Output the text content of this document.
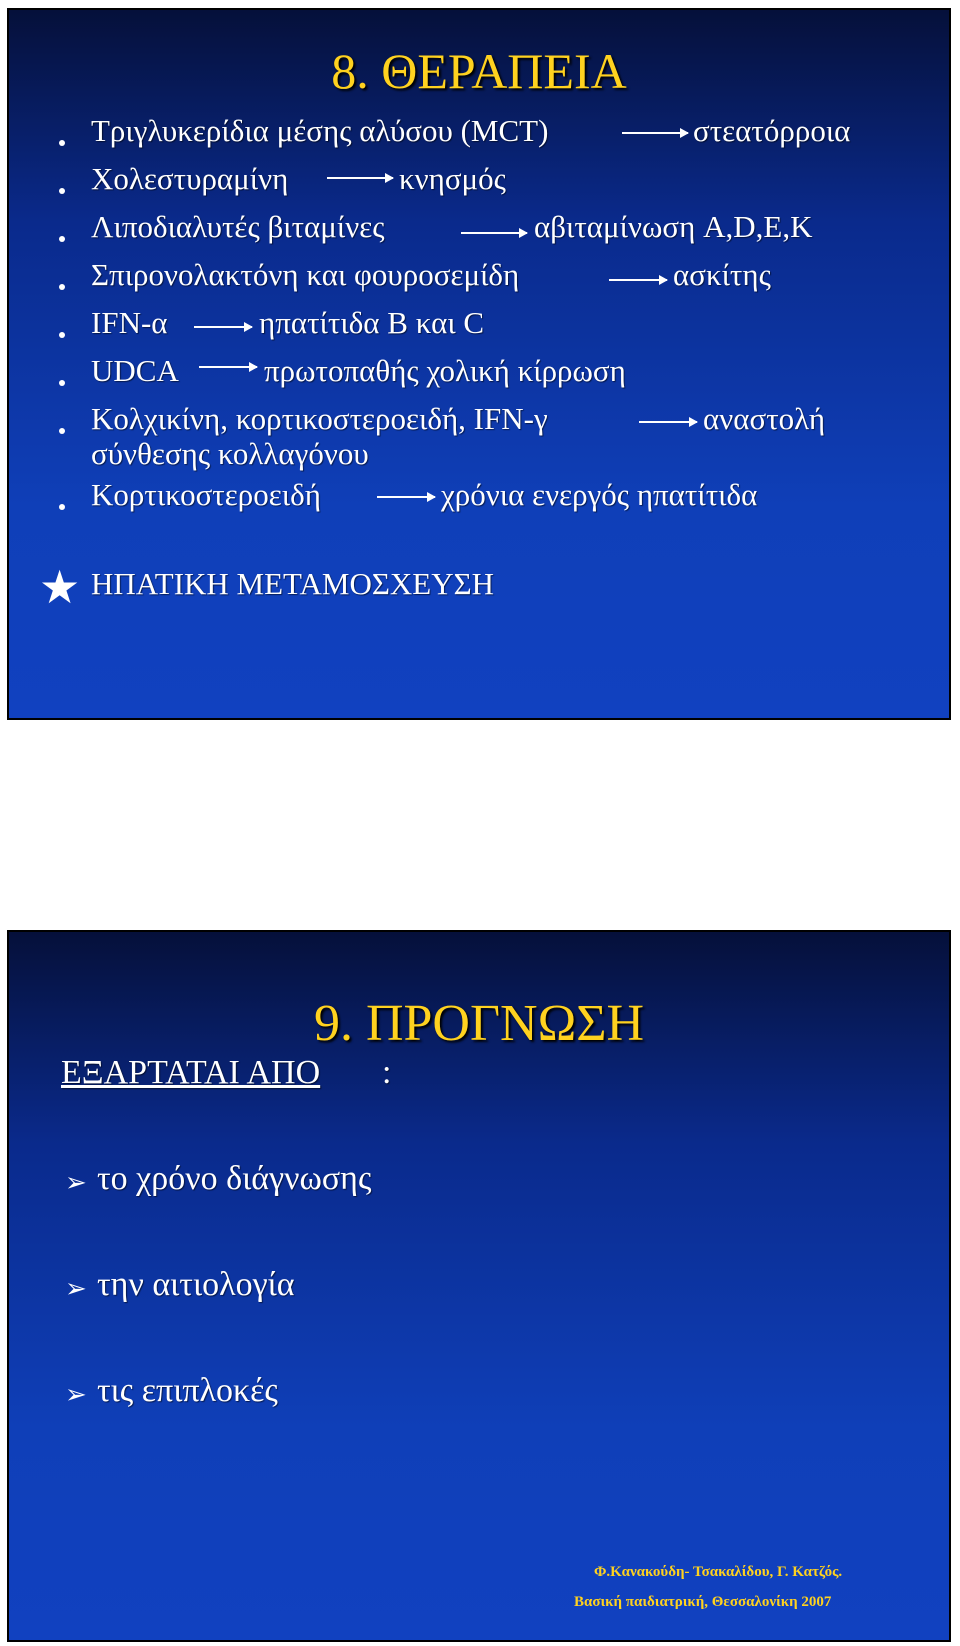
8. ΘΕΡΑΠΕΙΑ
Τριγλυκερίδια μέσης αλύσου (MCT)	στεατόρροια
Χολεστυραμίνη	κνησμός
Λιποδιαλυτές βιταμίνες	αβιταμίνωση A,D,E,K
Σπιρονολακτόνη και φουροσεμίδη	ασκίτης
IFN-α	ηπατίτιδα Β και C
UDCA	πρωτοπαθής χολική κίρρωση
Κολχικίνη, κορτικοστεροειδή, IFN-γ	αναστολή
σύνθεσης κολλαγόνου
Κορτικοστεροειδή	χρόνια ενεργός ηπατίτιδα
★ ΗΠΑΤΙΚΗ ΜΕΤΑΜΟΣΧΕΥΣΗ
9. ΠΡΟΓΝΩΣΗ
ΕΞΑΡΤΑΤΑΙ ΑΠΟ :
➢ το χρόνο διάγνωσης
➢ την αιτιολογία
➢ τις επιπλοκές
Φ.Κανακούδη- Τσακαλίδου, Γ. Κατζός.
Βασική παιδιατρική, Θεσσαλονίκη 2007
